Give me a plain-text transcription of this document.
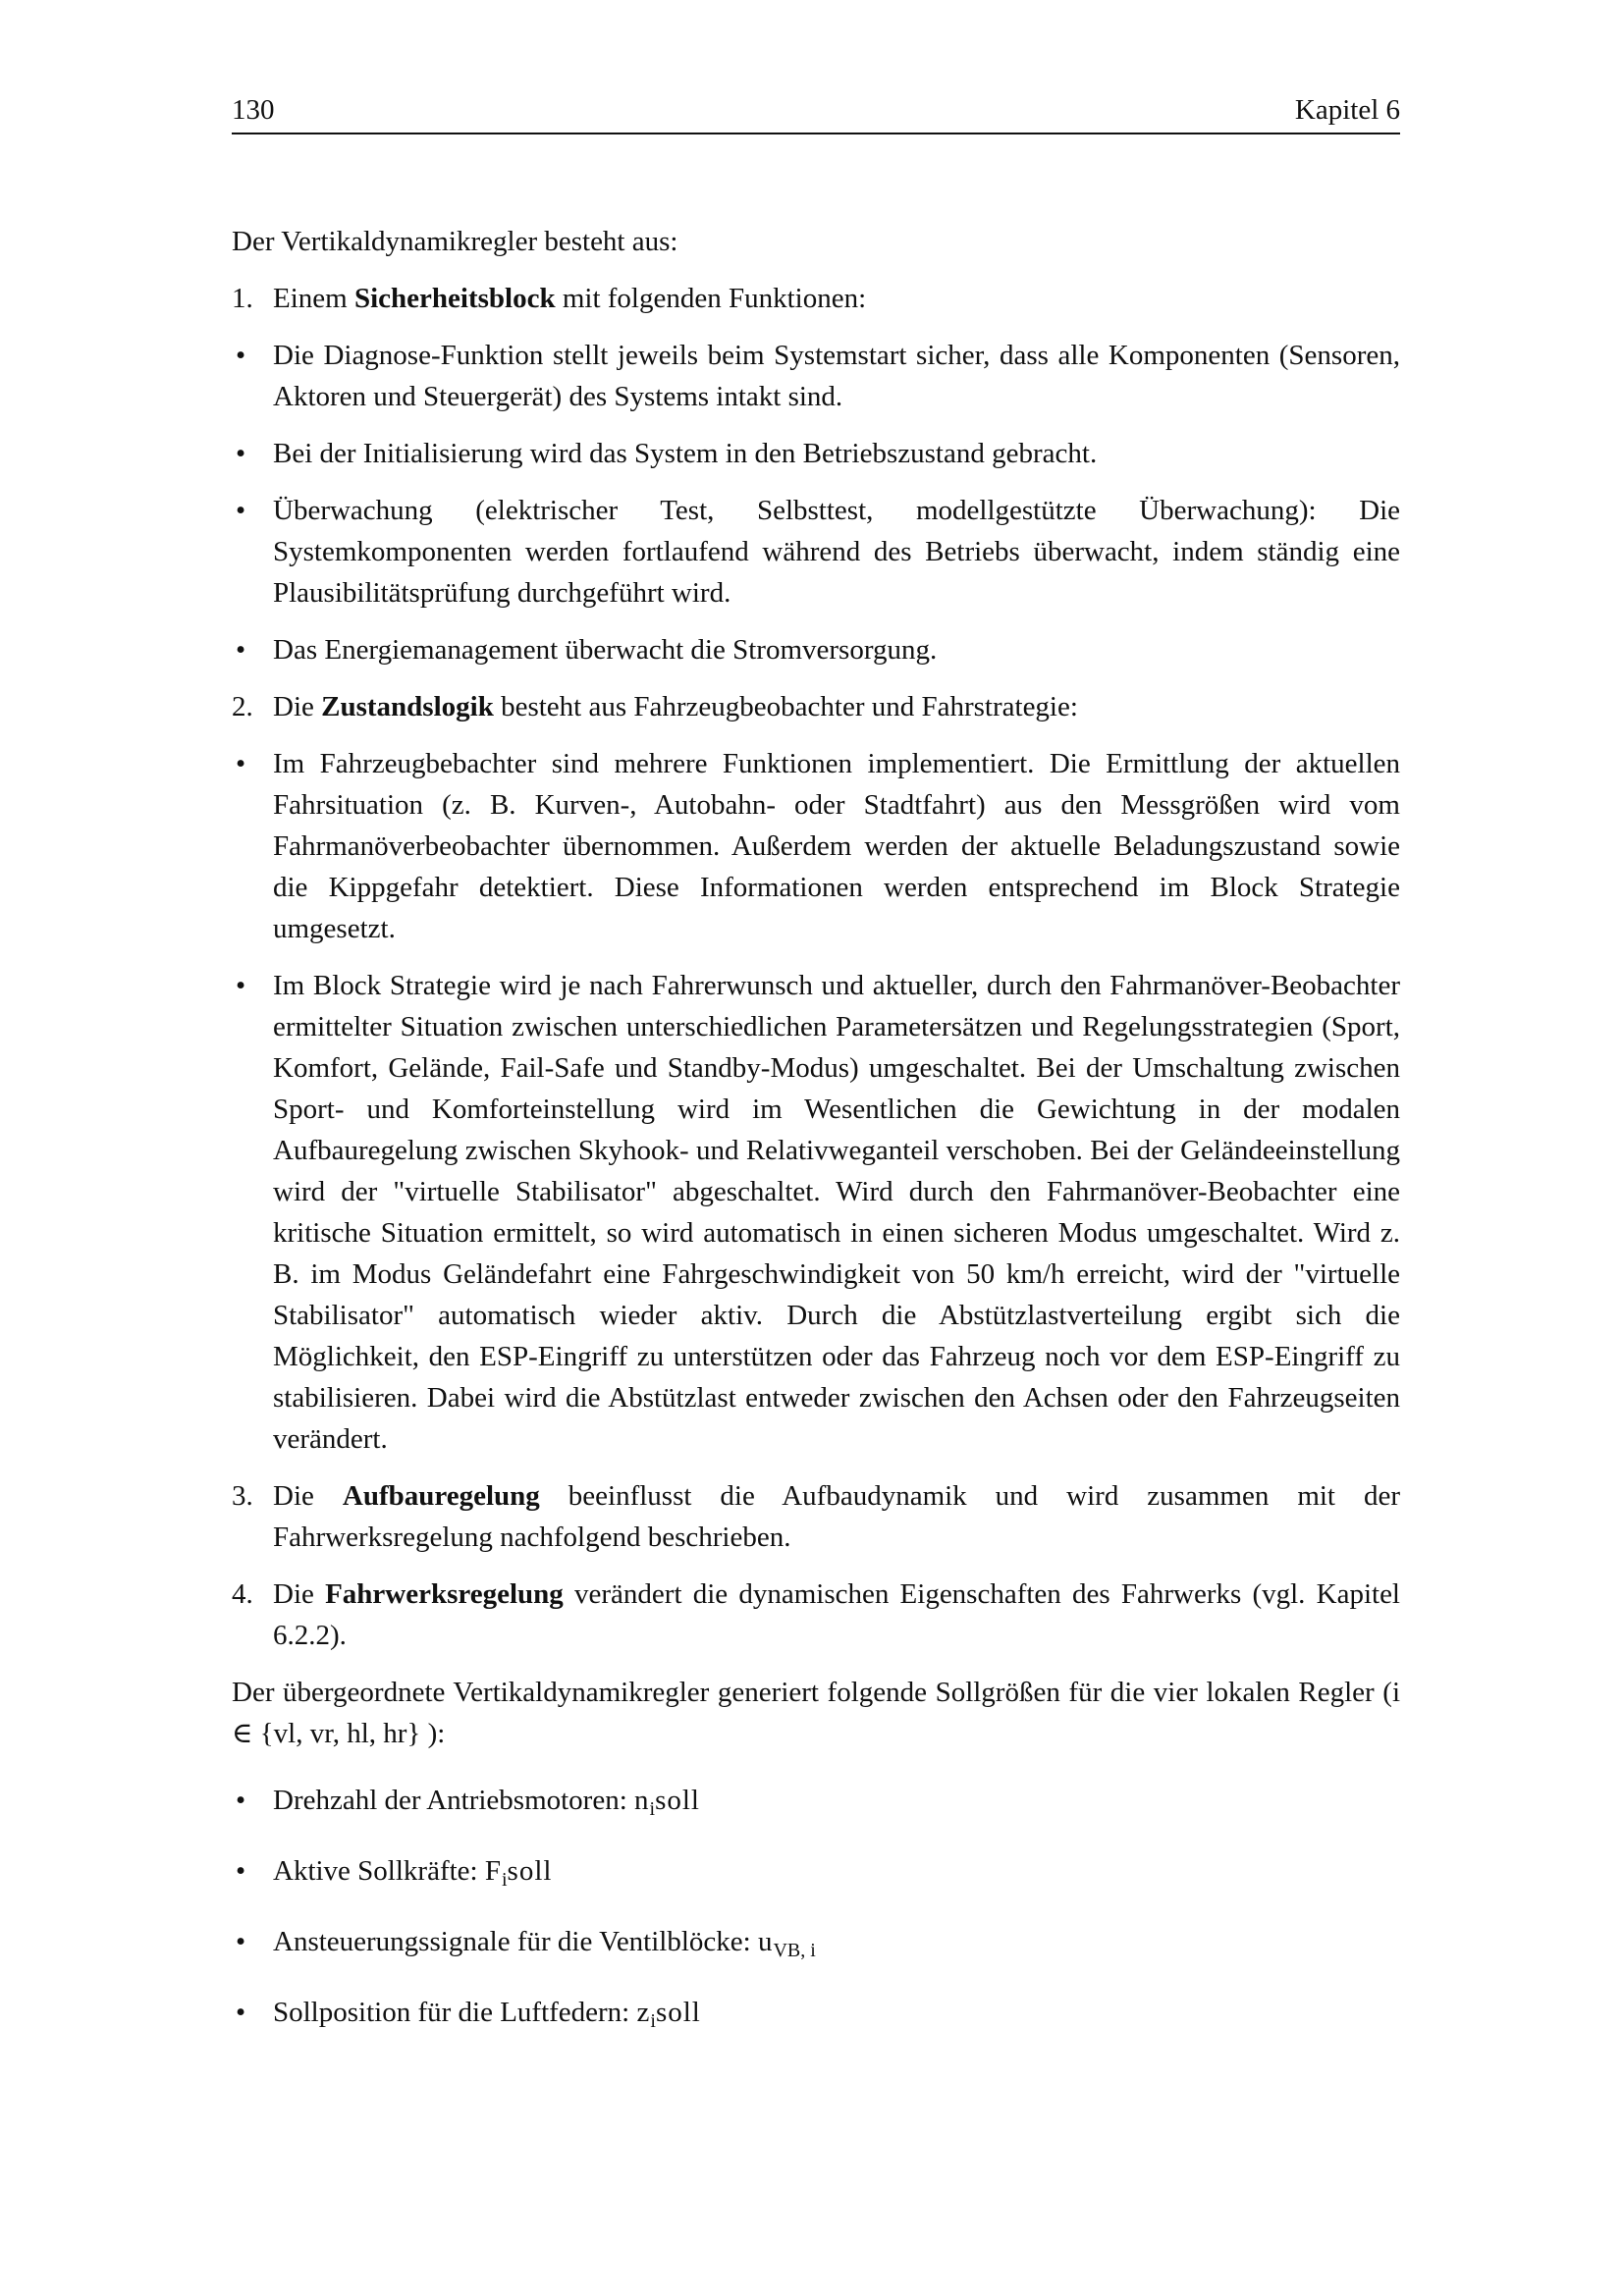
130	Kapitel 6

Der Vertikaldynamikregler besteht aus:

1. Einem Sicherheitsblock mit folgenden Funktionen:
• Die Diagnose-Funktion stellt jeweils beim Systemstart sicher, dass alle Komponenten (Sensoren, Aktoren und Steuergerät) des Systems intakt sind.
• Bei der Initialisierung wird das System in den Betriebszustand gebracht.
• Überwachung (elektrischer Test, Selbsttest, modellgestützte Überwachung): Die Systemkomponenten werden fortlaufend während des Betriebs überwacht, indem ständig eine Plausibilitätsprüfung durchgeführt wird.
• Das Energiemanagement überwacht die Stromversorgung.
2. Die Zustandslogik besteht aus Fahrzeugbeobachter und Fahrstrategie:
• Im Fahrzeugbebachter sind mehrere Funktionen implementiert. Die Ermittlung der aktuellen Fahrsituation (z. B. Kurven-, Autobahn- oder Stadtfahrt) aus den Messgrößen wird vom Fahrmanöverbeobachter übernommen. Außerdem werden der aktuelle Beladungszustand sowie die Kippgefahr detektiert. Diese Informationen werden entsprechend im Block Strategie umgesetzt.
• Im Block Strategie wird je nach Fahrerwunsch und aktueller, durch den Fahrmanöver-Beobachter ermittelter Situation zwischen unterschiedlichen Parametersätzen und Regelungsstrategien (Sport, Komfort, Gelände, Fail-Safe und Standby-Modus) umgeschaltet. Bei der Umschaltung zwischen Sport- und Komforteinstellung wird im Wesentlichen die Gewichtung in der modalen Aufbauregelung zwischen Skyhook- und Relativweganteil verschoben. Bei der Geländeeinstellung wird der "virtuelle Stabilisator" abgeschaltet. Wird durch den Fahrmanöver-Beobachter eine kritische Situation ermittelt, so wird automatisch in einen sicheren Modus umgeschaltet. Wird z. B. im Modus Geländefahrt eine Fahrgeschwindigkeit von 50 km/h erreicht, wird der "virtuelle Stabilisator" automatisch wieder aktiv. Durch die Abstützlastverteilung ergibt sich die Möglichkeit, den ESP-Eingriff zu unterstützen oder das Fahrzeug noch vor dem ESP-Eingriff zu stabilisieren. Dabei wird die Abstützlast entweder zwischen den Achsen oder den Fahrzeugseiten verändert.
3. Die Aufbauregelung beeinflusst die Aufbaudynamik und wird zusammen mit der Fahrwerksregelung nachfolgend beschrieben.
4. Die Fahrwerksregelung verändert die dynamischen Eigenschaften des Fahrwerks (vgl. Kapitel 6.2.2).

Der übergeordnete Vertikaldynamikregler generiert folgende Sollgrößen für die vier lokalen Regler (i ∈ {vl, vr, hl, hr} ):

• Drehzahl der Antriebsmotoren: $n_isoll$
• Aktive Sollkräfte: $F_isoll$
• Ansteuerungssignale für die Ventilblöcke: $u_{VB, i}$
• Sollposition für die Luftfedern: $z_isoll$
